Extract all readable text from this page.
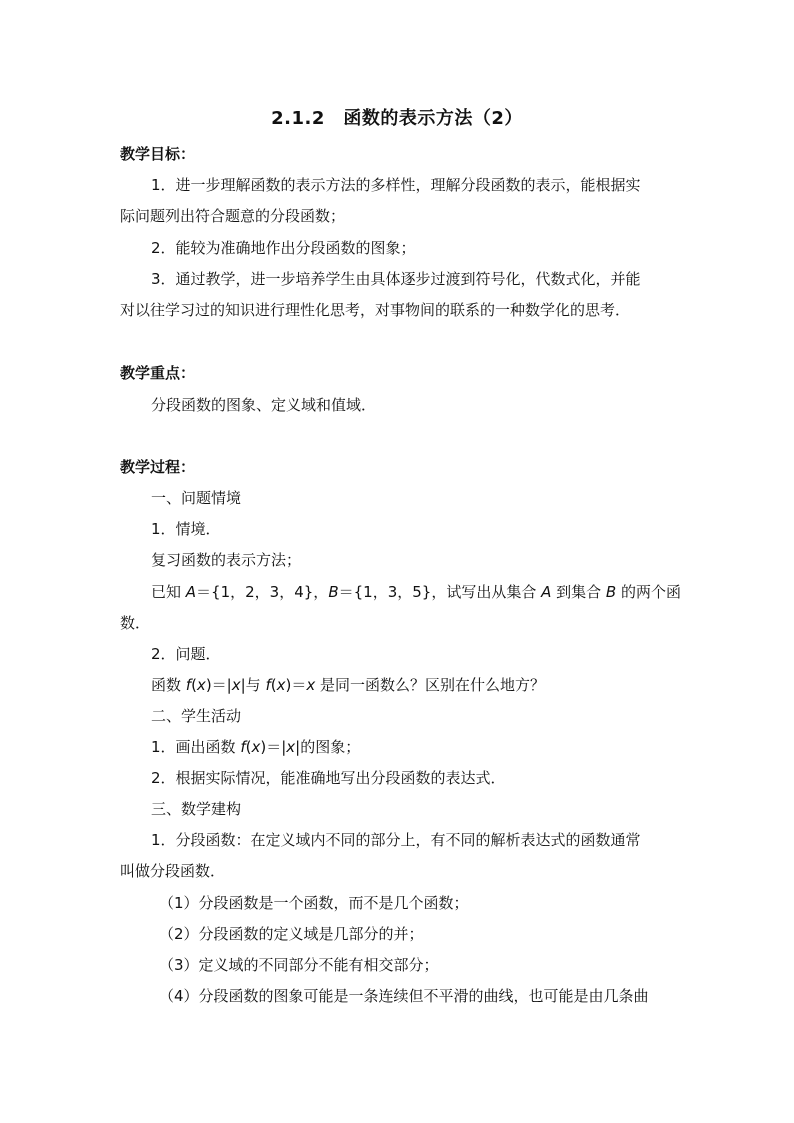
2.1.2　函数的表示方法（2）
教学目标：
1．进一步理解函数的表示方法的多样性，理解分段函数的表示，能根据实
际问题列出符合题意的分段函数；
2．能较为准确地作出分段函数的图象；
3．通过教学，进一步培养学生由具体逐步过渡到符号化，代数式化，并能
对以往学习过的知识进行理性化思考，对事物间的联系的一种数学化的思考．
教学重点：
分段函数的图象、定义域和值域．
教学过程：
一、问题情境
1．情境．
复习函数的表示方法；
已知 A＝{1，2，3，4}，B＝{1，3，5}，试写出从集合 A 到集合 B 的两个函
数．
2．问题．
函数 f(x)＝|x|与 f(x)＝x 是同一函数么？区别在什么地方？
二、学生活动
1．画出函数 f(x)＝|x|的图象；
2．根据实际情况，能准确地写出分段函数的表达式．
三、数学建构
1．分段函数：在定义域内不同的部分上，有不同的解析表达式的函数通常
叫做分段函数．
（1）分段函数是一个函数，而不是几个函数；
（2）分段函数的定义域是几部分的并；
（3）定义域的不同部分不能有相交部分；
（4）分段函数的图象可能是一条连续但不平滑的曲线，也可能是由几条曲
